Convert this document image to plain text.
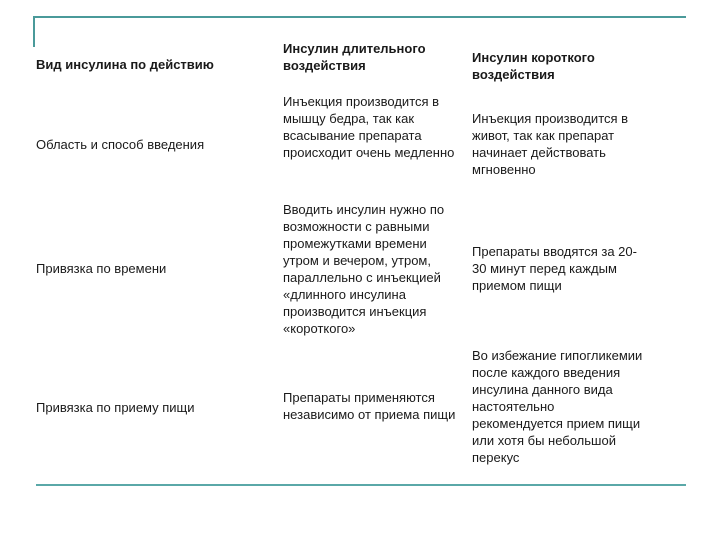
Вид инсулина по действию
Инсулин длительного
воздействия
Инсулин короткого
воздействия
Область и способ введения
Инъекция производится в
мышцу бедра, так как
всасывание препарата
происходит очень медленно
Инъекция производится в
живот, так как препарат
начинает действовать
мгновенно
Привязка по времени
Вводить инсулин нужно по
возможности с равными
промежутками времени
утром и вечером, утром,
параллельно с инъекцией
«длинного инсулина
производится инъекция
«короткого»
Препараты вводятся за 20-
30 минут перед каждым
приемом пищи
Привязка по приему пищи
Препараты применяются
независимо от приема пищи
Во избежание гипогликемии
после каждого введения
инсулина данного вида
настоятельно
рекомендуется прием пищи
или хотя бы небольшой
перекус
